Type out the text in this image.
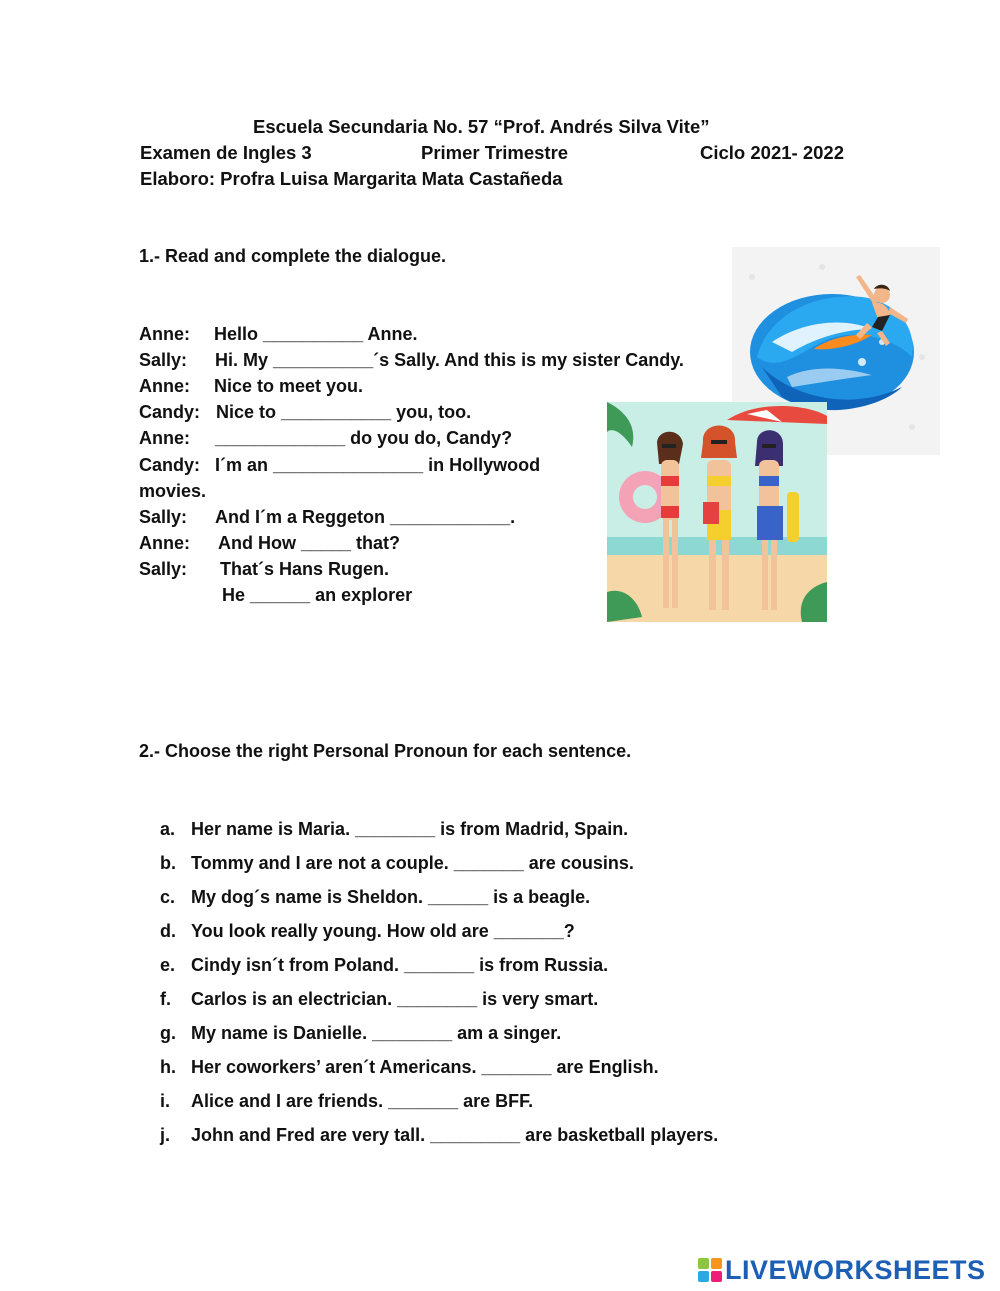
Escuela Secundaria No. 57 “Prof. Andrés Silva Vite”
Examen de Ingles 3	Primer Trimestre	Ciclo 2021- 2022
Elaboro: Profra Luisa Margarita Mata Castañeda
1.- Read and complete the dialogue.
Anne: Hello __________ Anne.
Sally: Hi. My __________´s Sally. And this is my sister Candy.
Anne: Nice to meet you.
Candy: Nice to ___________ you, too.
Anne: _____________ do you do, Candy?
Candy: I´m an _______________ in Hollywood
movies.
Sally: And I´m a Reggeton ____________.
Anne: And How _____ that?
Sally: That´s Hans Rugen.
He ______ an explorer
2.- Choose the right Personal Pronoun for each sentence.
a. Her name is Maria. ________ is from Madrid, Spain.
b. Tommy and I are not a couple. _______ are cousins.
c. My dog´s name is Sheldon. ______ is a beagle.
d. You look really young. How old are _______?
e. Cindy isn´t from Poland. _______ is from Russia.
f. Carlos is an electrician. ________ is very smart.
g. My name is Danielle. ________ am a singer.
h. Her coworkers’ aren´t Americans. _______ are English.
i. Alice and I are friends. _______ are BFF.
j. John and Fred are very tall. _________ are basketball players.
LIVEWORKSHEETS
